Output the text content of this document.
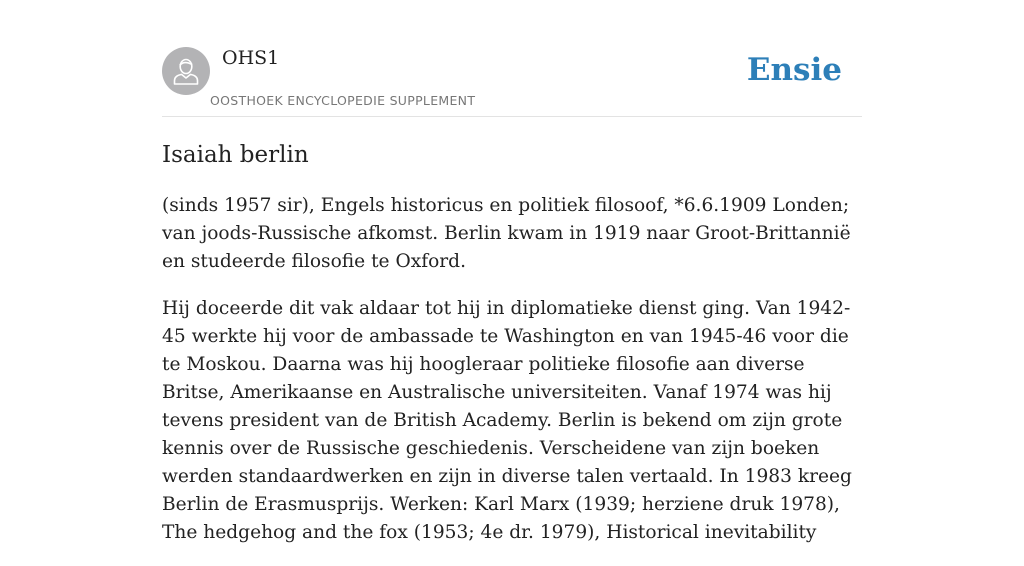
OHS1
OOSTHOEK ENCYCLOPEDIE SUPPLEMENT
Ensie
Isaiah berlin

(sinds 1957 sir), Engels historicus en politiek filosoof, *6.6.1909 Londen; van joods-Russische afkomst. Berlin kwam in 1919 naar Groot-Brittannië en studeerde filosofie te Oxford.

Hij doceerde dit vak aldaar tot hij in diplomatieke dienst ging. Van 1942-45 werkte hij voor de ambassade te Washington en van 1945-46 voor die te Moskou. Daarna was hij hoogleraar politieke filosofie aan diverse Britse, Amerikaanse en Australische universiteiten. Vanaf 1974 was hij tevens president van de British Academy. Berlin is bekend om zijn grote kennis over de Russische geschiedenis. Verscheidene van zijn boeken werden standaardwerken en zijn in diverse talen vertaald. In 1983 kreeg Berlin de Erasmusprijs. Werken: Karl Marx (1939; herziene druk 1978), The hedgehog and the fox (1953; 4e dr. 1979), Historical inevitability
